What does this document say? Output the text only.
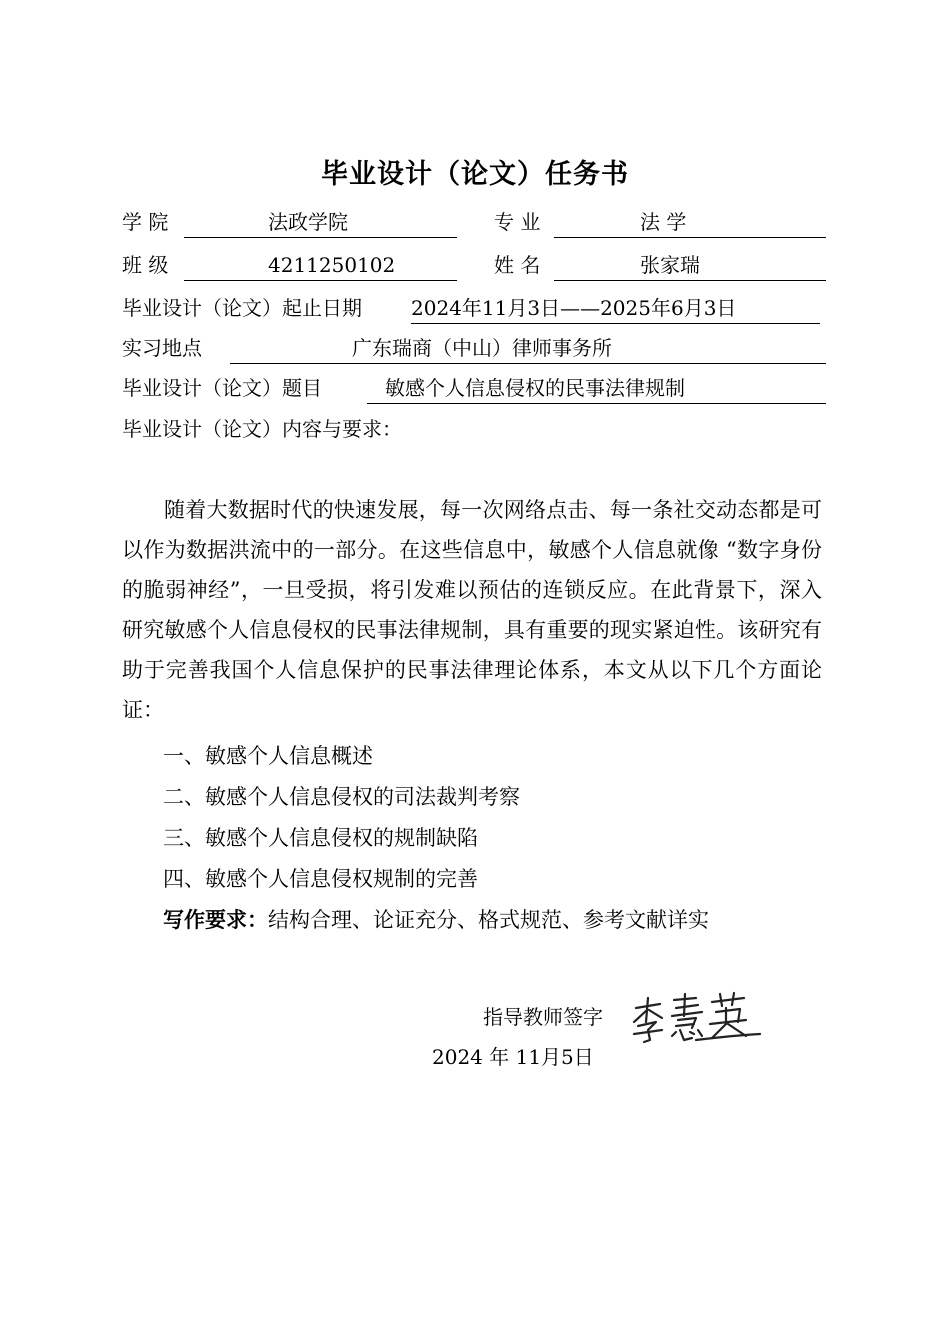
毕业设计（论文）任务书
学 院	法政学院	专 业	法 学
班 级	4211250102	姓 名	张家瑞
毕业设计（论文）起止日期 2024年11月3日——2025年6月3日
实习地点	广东瑞商（中山）律师事务所
毕业设计（论文）题目	敏感个人信息侵权的民事法律规制
毕业设计（论文）内容与要求：
随着大数据时代的快速发展，每一次网络点击、每一条社交动态都是可以作为数据洪流中的一部分。在这些信息中，敏感个人信息就像 “数字身份的脆弱神经”，一旦受损，将引发难以预估的连锁反应。在此背景下，深入研究敏感个人信息侵权的民事法律规制，具有重要的现实紧迫性。该研究有助于完善我国个人信息保护的民事法律理论体系，本文从以下几个方面论证：
一、敏感个人信息概述
二、敏感个人信息侵权的司法裁判考察
三、敏感个人信息侵权的规制缺陷
四、敏感个人信息侵权规制的完善
写作要求：结构合理、论证充分、格式规范、参考文献详实
指导教师签字
2024 年 11月5日
